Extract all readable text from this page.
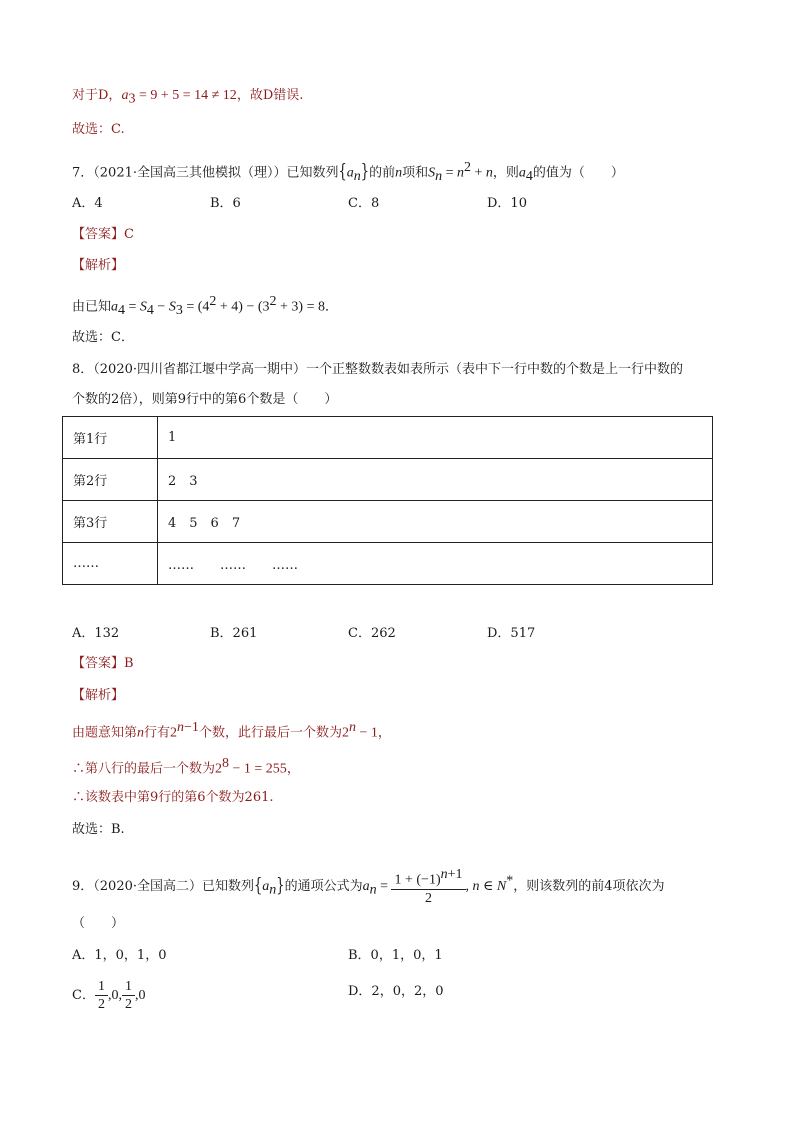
对于D，$a_3 = 9 + 5 = 14 \ne 12$，故D错误.
故选：C.
7．（2021·全国高三其他模拟（理））已知数列$\{a_n\}$的前n项和$S_n = n^2 + n$，则$a_4$的值为（　　）
A．4	B．6	C．8	D．10
【答案】C
【解析】
由已知$a_4 = S_4 - S_3 = (4^2 + 4) - (3^2 + 3) = 8$．
故选：C．
8．（2020·四川省都江堰中学高一期中）一个正整数数表如表所示（表中下一行中数的个数是上一行中数的
个数的2倍），则第9行中的第6个数是（　　）
第1行	1
第2行	2　3
第3行	4　5　6　7
……	……　　……　　……
A．132	B．261	C．262	D．517
【答案】B
【解析】
由题意知第n行有$2^{n-1}$个数，此行最后一个数为$2^n - 1$，
∴第八行的最后一个数为$2^8 - 1 = 255$，
∴该数表中第9行的第6个数为261.
故选：B.
9．（2020·全国高二）已知数列$\{a_n\}$的通项公式为$a_n = \frac{1 + (-1)^{n+1}}{2}$ , n ∈ N*，则该数列的前4项依次为
（　　）
A．1，0，1，0	B．0，1，0，1
C． $\frac{1}{2} ,0$, $\frac{1}{2} ,0$	D．2，0，2，0
